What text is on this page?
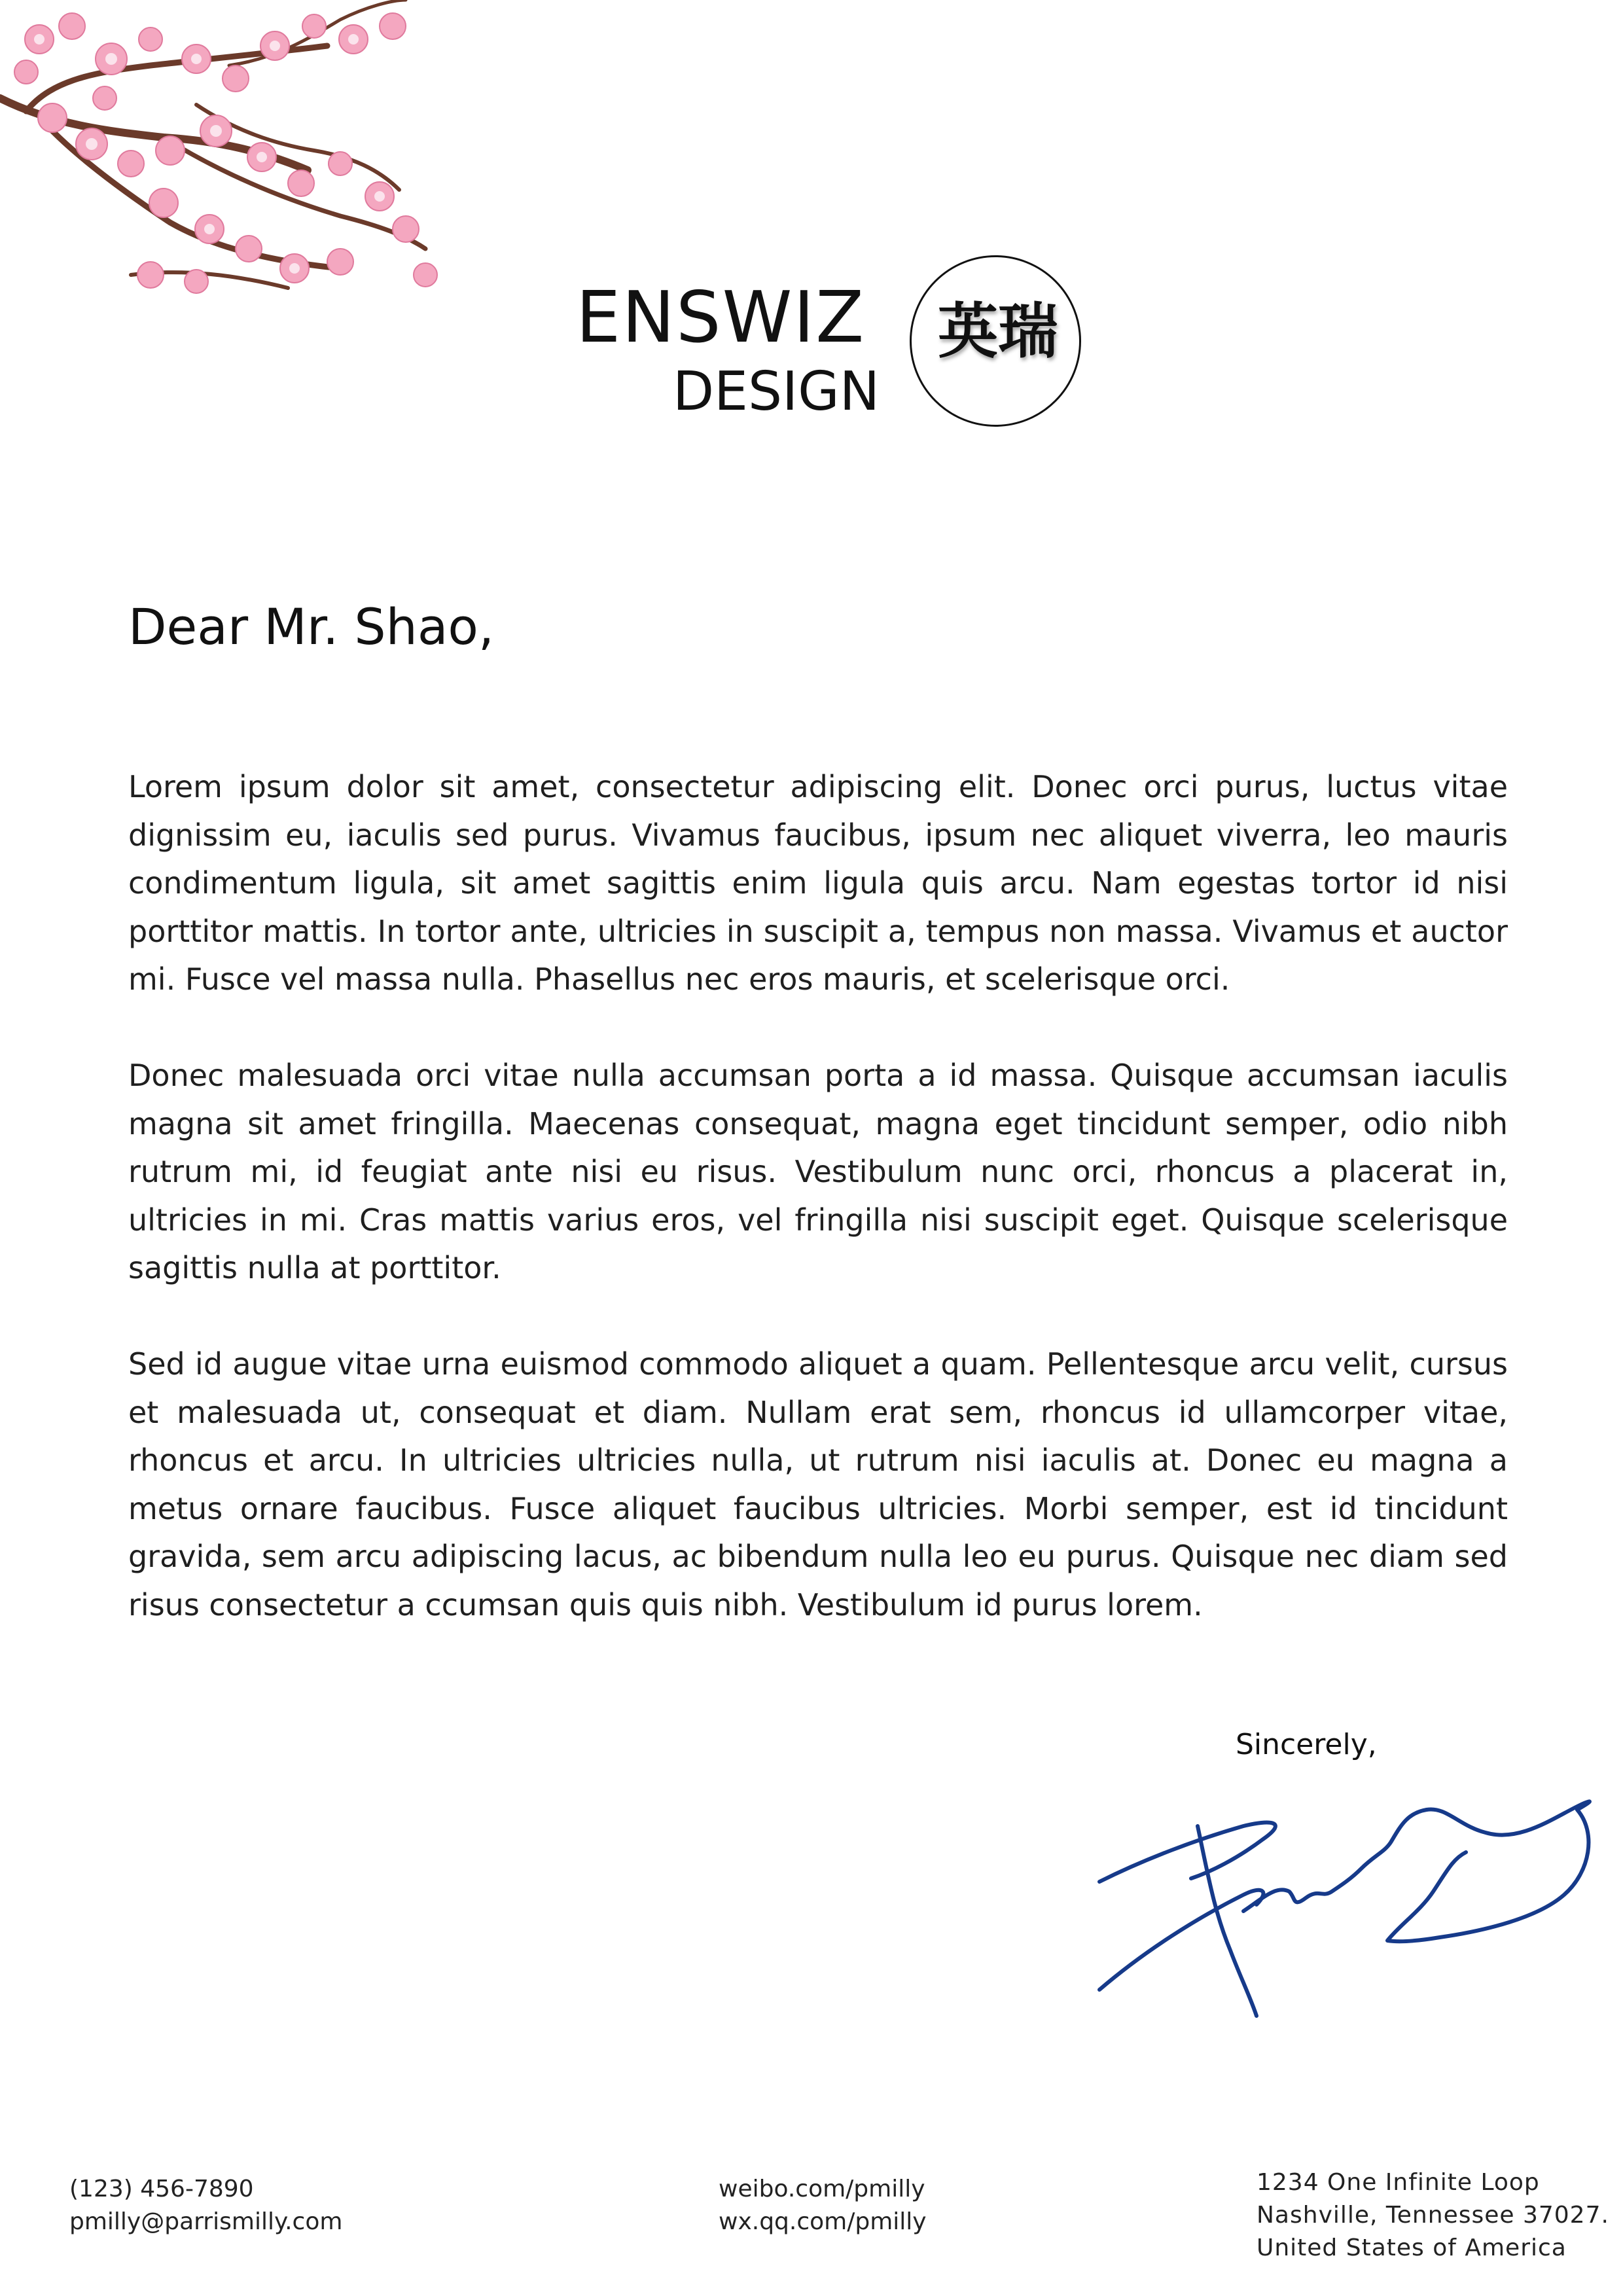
ENSWIZ
DESIGN
英瑞
Dear Mr. Shao,

Lorem ipsum dolor sit amet, consectetur adipiscing elit. Donec orci purus, luctus vitae dignissim eu, iaculis sed purus. Vivamus faucibus, ipsum nec aliquet viverra, leo mauris condimentum ligula, sit amet sagittis enim ligula quis arcu. Nam egestas tortor id nisi porttitor mattis. In tortor ante, ultricies in suscipit a, tempus non massa. Vivamus et auctor mi. Fusce vel massa nulla. Phasellus nec eros mauris, et scelerisque orci.

Donec malesuada orci vitae nulla accumsan porta a id massa. Quisque accumsan iaculis magna sit amet fringilla. Maecenas consequat, magna eget tincidunt semper, odio nibh rutrum mi, id feugiat ante nisi eu risus. Vestibulum nunc orci, rhoncus a placerat in, ultricies in mi. Cras mattis varius eros, vel fringilla nisi suscipit eget. Quisque scelerisque sagittis nulla at porttitor.

Sed id augue vitae urna euismod commodo aliquet a quam. Pellentesque arcu velit, cursus et malesuada ut, consequat et diam. Nullam erat sem, rhoncus id ullamcorper vitae, rhoncus et arcu. In ultricies ultricies nulla, ut rutrum nisi iaculis at. Donec eu magna a metus ornare faucibus. Fusce aliquet faucibus ultricies. Morbi semper, est id tincidunt gravida, sem arcu adipiscing lacus, ac bibendum nulla leo eu purus. Quisque nec diam sed risus consectetur a ccumsan quis quis nibh. Vestibulum id purus lorem.

Sincerely,
(123) 456-7890
pmilly@parrismilly.com
weibo.com/pmilly
wx.qq.com/pmilly
1234 One Infinite Loop
Nashville, Tennessee 37027.
United States of America
